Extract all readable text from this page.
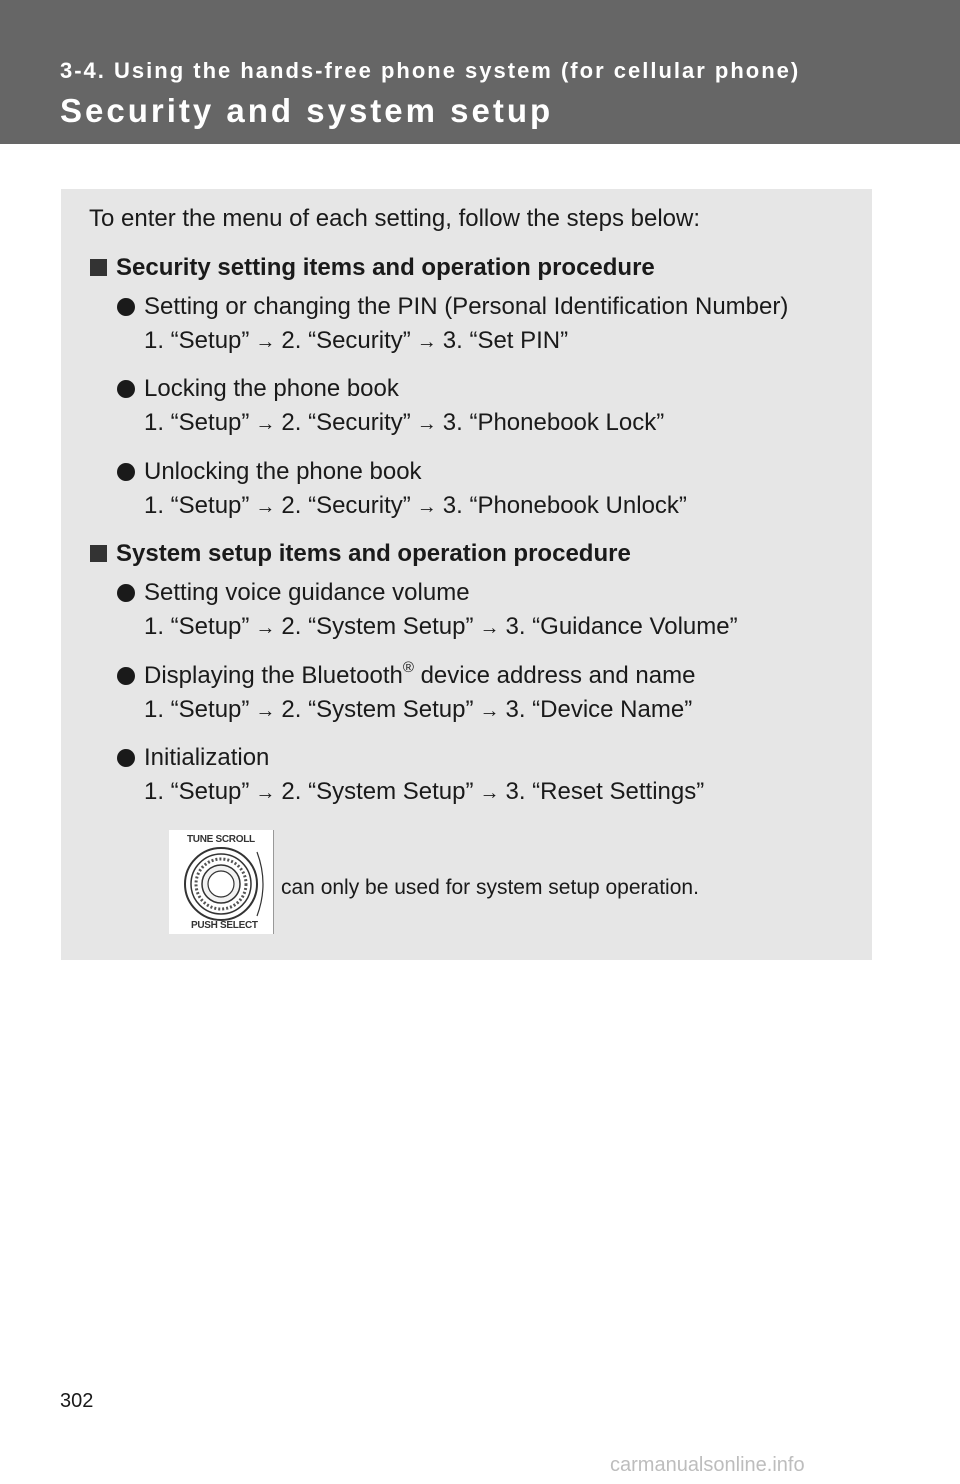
3-4. Using the hands-free phone system (for cellular phone)
Security and system setup
To enter the menu of each setting, follow the steps below:
Security setting items and operation procedure
Setting or changing the PIN (Personal Identification Number)
1. “Setup” → 2. “Security” → 3. “Set PIN”
Locking the phone book
1. “Setup” → 2. “Security” → 3. “Phonebook Lock”
Unlocking the phone book
1. “Setup” → 2. “Security” → 3. “Phonebook Unlock”
System setup items and operation procedure
Setting voice guidance volume
1. “Setup” → 2. “System Setup” → 3. “Guidance Volume”
Displaying the Bluetooth® device address and name
1. “Setup” → 2. “System Setup” → 3. “Device Name”
Initialization
1. “Setup” → 2. “System Setup” → 3. “Reset Settings”
TUNE SCROLL
PUSH SELECT
can only be used for system setup operation.
302
carmanualsonline.info
